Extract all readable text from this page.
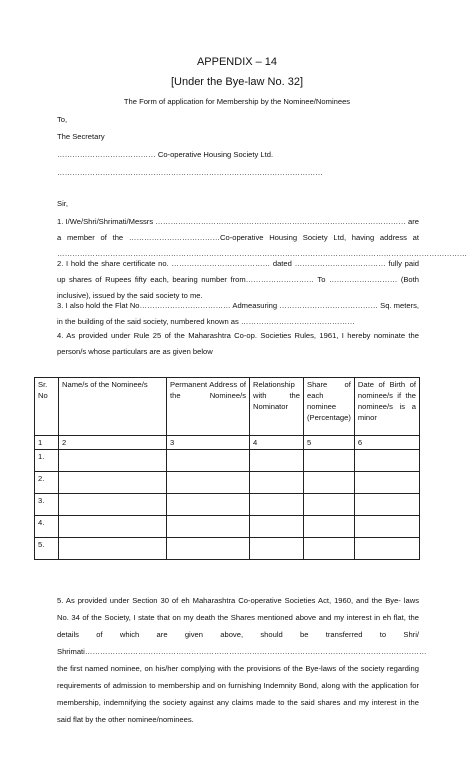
APPENDIX – 14
[Under the Bye-law No. 32]
The Form of application for Membership by the Nominee/Nominees
To,
The Secretary
………………………………… Co-operative Housing Society Ltd.
……………………………………………………………………………………………
Sir,
1. I/We/Shri/Shrimati/Messrs ……………………………………………………………………………………… are a member of the ………………………………Co-operative Housing Society Ltd, having address at ………………………………………………………………………………………………………………………………………………
2. I hold the share certificate no. ………………………………… dated ……………………………… fully paid up shares of Rupees fifty each, bearing number from……………………… To ……………………… (Both inclusive), issued by the said society to me.
3. I also hold the Flat No……………………………… Admeasuring ………………………………… Sq. meters, in the building of the said society, numbered known as ………………………………………
4. As provided under Rule 25 of the Maharashtra Co-op. Societies Rules, 1961, I hereby nominate the person/s whose particulars are as given below
Sr. No	Name/s of the Nominee/s	Permanent Address of the Nominee/s	Relationship with the Nominator	Share of each nominee (Percentage)	Date of Birth of nominee/s if the nominee/s is a minor
1	2	3	4	5	6
1.					
2.					
3.					
4.					
5.					
5. As provided under Section 30 of eh Maharashtra Co-operative Societies Act, 1960, and the Bye- laws No. 34 of the Society, I state that on my death the Shares mentioned above and my interest in eh flat, the details of which are given above, should be transferred to Shri/ Shrimati……………………………………………………………………………………………………………………… the first named nominee, on his/her complying with the provisions of the Bye-laws of the society regarding requirements of admission to membership and on furnishing Indemnity Bond, along with the application for membership, indemnifying the society against any claims made to the said shares and my interest in the said flat by the other nominee/nominees.
